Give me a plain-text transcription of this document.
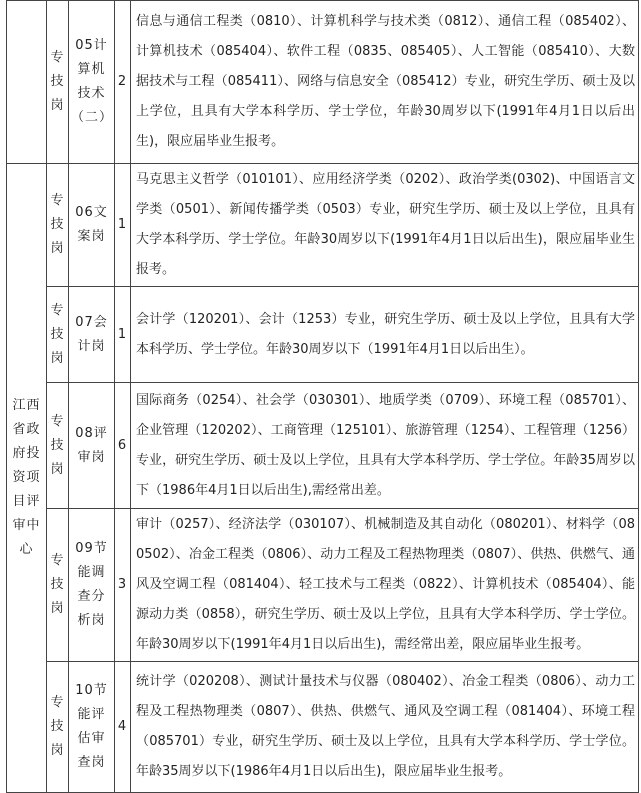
	专技岗	05计算机技术（二）	2	信息与通信工程类（0810）、计算机科学与技术类（0812）、通信工程（085402）、计算机技术（085404）、软件工程（0835、085405）、人工智能（085410）、大数据技术与工程（085411）、网络与信息安全（085412）专业，研究生学历、硕士及以上学位，且具有大学本科学历、学士学位，年龄30周岁以下(1991年4月1日以后出生)，限应届毕业生报考。
江西省政府投资项目评审中心	专技岗	06文案岗	1	马克思主义哲学（010101）、应用经济学类（0202）、政治学类(0302)、中国语言文学类（0501）、新闻传播学类（0503）专业，研究生学历、硕士及以上学位，且具有大学本科学历、学士学位。年龄30周岁以下(1991年4月1日以后出生)，限应届毕业生报考。
	专技岗	07会计岗	1	会计学（120201）、会计（1253）专业，研究生学历、硕士及以上学位，且具有大学本科学历、学士学位。年龄30周岁以下（1991年4月1日以后出生）。
	专技岗	08评审岗	6	国际商务（0254）、社会学（030301）、地质学类（0709）、环境工程（085701）、企业管理（120202）、工商管理（125101）、旅游管理（1254）、工程管理（1256）专业，研究生学历、硕士及以上学位，且具有大学本科学历、学士学位。年龄35周岁以下（1986年4月1日以后出生),需经常出差。
	专技岗	09节能调查分析岗	3	审计（0257）、经济法学（030107）、机械制造及其自动化（080201）、材料学（080502）、冶金工程类（0806）、动力工程及工程热物理类（0807）、供热、供燃气、通风及空调工程（081404）、轻工技术与工程类（0822）、计算机技术（085404）、能源动力类（0858），研究生学历、硕士及以上学位，且具有大学本科学历、学士学位。年龄30周岁以下(1991年4月1日以后出生)，需经常出差，限应届毕业生报考。
	专技岗	10节能评估审查岗	4	统计学（020208）、测试计量技术与仪器（080402）、冶金工程类（0806）、动力工程及工程热物理类（0807）、供热、供燃气、通风及空调工程（081404）、环境工程（085701）专业，研究生学历、硕士及以上学位，且具有大学本科学历、学士学位。年龄35周岁以下(1986年4月1日以后出生)，限应届毕业生报考。
